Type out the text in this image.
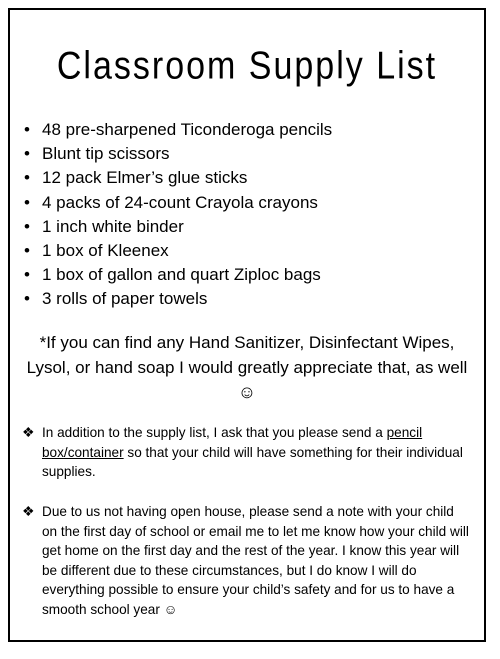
Classroom Supply List
• 48 pre-sharpened Ticonderoga pencils
• Blunt tip scissors
• 12 pack Elmer’s glue sticks
• 4 packs of 24-count Crayola crayons
• 1 inch white binder
• 1 box of Kleenex
• 1 box of gallon and quart Ziploc bags
• 3 rolls of paper towels
*If you can find any Hand Sanitizer, Disinfectant Wipes, Lysol, or hand soap I would greatly appreciate that, as well
☺
❖ In addition to the supply list, I ask that you please send a pencil box/container so that your child will have something for their individual supplies.
❖ Due to us not having open house, please send a note with your child on the first day of school or email me to let me know how your child will get home on the first day and the rest of the year. I know this year will be different due to these circumstances, but I do know I will do everything possible to ensure your child’s safety and for us to have a smooth school year ☺
